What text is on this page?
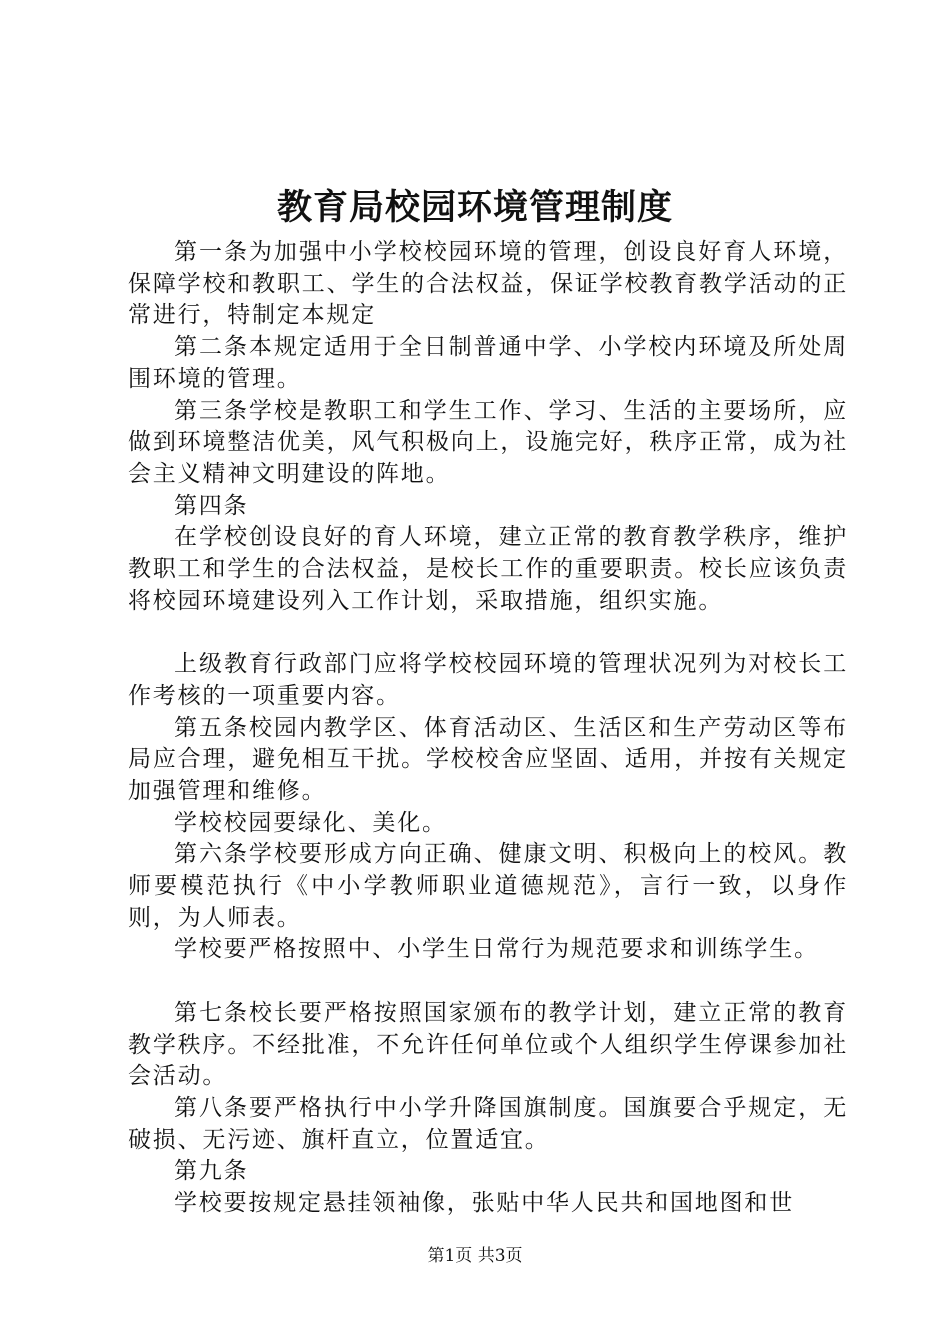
教育局校园环境管理制度

第一条为加强中小学校校园环境的管理，创设良好育人环境，保障学校和教职工、学生的合法权益，保证学校教育教学活动的正常进行，特制定本规定

第二条本规定适用于全日制普通中学、小学校内环境及所处周围环境的管理。

第三条学校是教职工和学生工作、学习、生活的主要场所，应做到环境整洁优美，风气积极向上，设施完好，秩序正常，成为社会主义精神文明建设的阵地。

第四条

在学校创设良好的育人环境，建立正常的教育教学秩序，维护教职工和学生的合法权益，是校长工作的重要职责。校长应该负责将校园环境建设列入工作计划，采取措施，组织实施。

上级教育行政部门应将学校校园环境的管理状况列为对校长工作考核的一项重要内容。

第五条校园内教学区、体育活动区、生活区和生产劳动区等布局应合理，避免相互干扰。学校校舍应坚固、适用，并按有关规定加强管理和维修。

学校校园要绿化、美化。

第六条学校要形成方向正确、健康文明、积极向上的校风。教师要模范执行《中小学教师职业道德规范》，言行一致，以身作则，为人师表。

学校要严格按照中、小学生日常行为规范要求和训练学生。

第七条校长要严格按照国家颁布的教学计划，建立正常的教育教学秩序。不经批准，不允许任何单位或个人组织学生停课参加社会活动。

第八条要严格执行中小学升降国旗制度。国旗要合乎规定，无破损、无污迹、旗杆直立，位置适宜。

第九条

学校要按规定悬挂领袖像，张贴中华人民共和国地图和世

第1页 共3页
